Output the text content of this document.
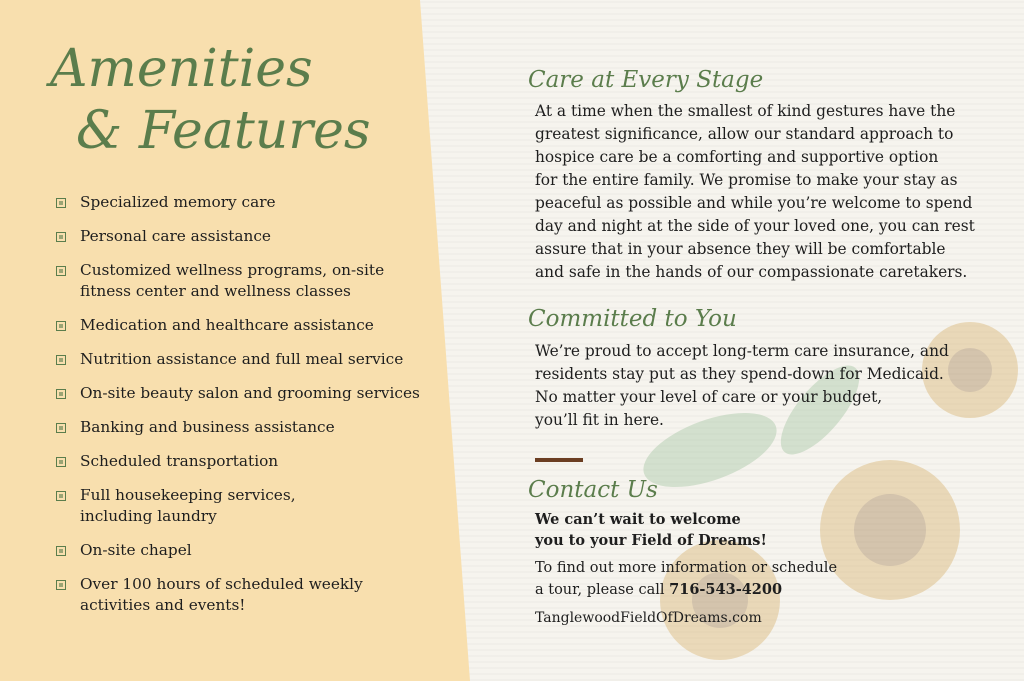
Amenities
& Features
Specialized memory care
Personal care assistance
Customized wellness programs, on-site
fitness center and wellness classes
Medication and healthcare assistance
Nutrition assistance and full meal service
On-site beauty salon and grooming services
Banking and business assistance
Scheduled transportation
Full housekeeping services,
including laundry
On-site chapel
Over 100 hours of scheduled weekly
activities and events!
Care at Every Stage
At a time when the smallest of kind gestures have the
greatest significance, allow our standard approach to
hospice care be a comforting and supportive option
for the entire family. We promise to make your stay as
peaceful as possible and while you’re welcome to spend
day and night at the side of your loved one, you can rest
assure that in your absence they will be comfortable
and safe in the hands of our compassionate caretakers.
Committed to You
We’re proud to accept long-term care insurance, and
residents stay put as they spend-down for Medicaid.
No matter your level of care or your budget,
you’ll fit in here.
Contact Us
We can’t wait to welcome
you to your Field of Dreams!
To find out more information or schedule
a tour, please call 716-543-4200
TanglewoodFieldOfDreams.com
